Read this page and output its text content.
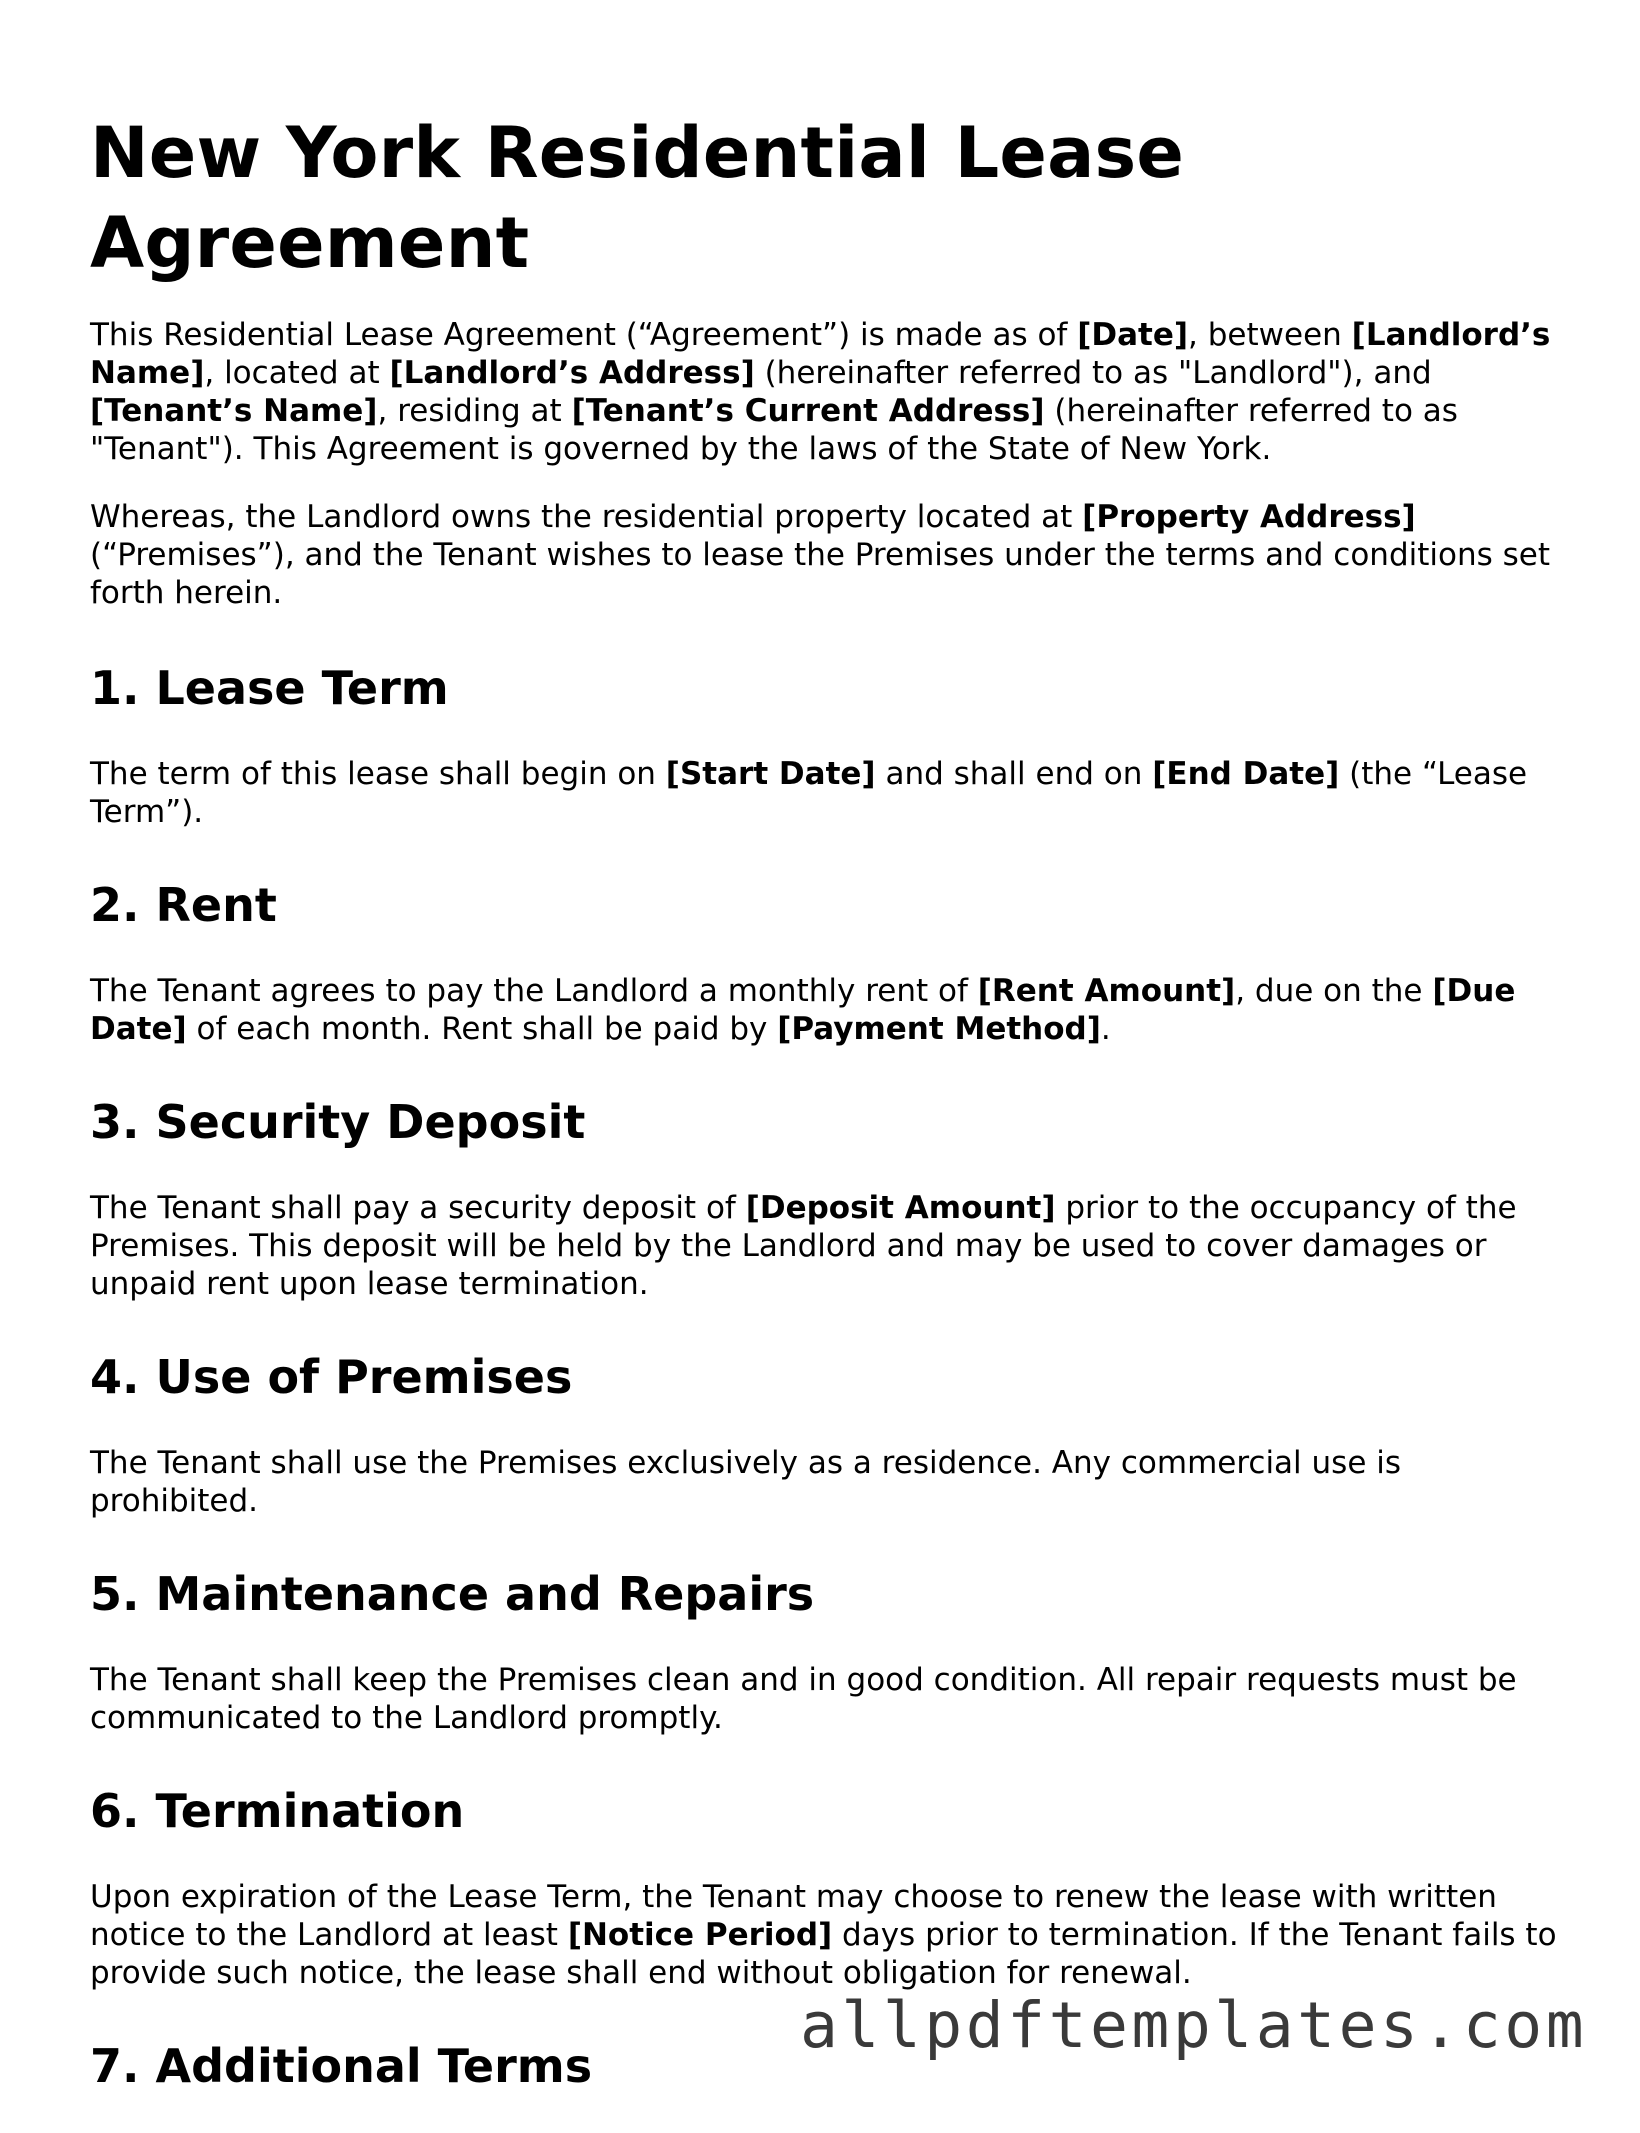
New York Residential Lease Agreement

This Residential Lease Agreement (“Agreement”) is made as of [Date], between [Landlord’s Name], located at [Landlord’s Address] (hereinafter referred to as "Landlord"), and [Tenant’s Name], residing at [Tenant’s Current Address] (hereinafter referred to as "Tenant"). This Agreement is governed by the laws of the State of New York.

Whereas, the Landlord owns the residential property located at [Property Address] (“Premises”), and the Tenant wishes to lease the Premises under the terms and conditions set forth herein.

1. Lease Term

The term of this lease shall begin on [Start Date] and shall end on [End Date] (the “Lease Term”).

2. Rent

The Tenant agrees to pay the Landlord a monthly rent of [Rent Amount], due on the [Due Date] of each month. Rent shall be paid by [Payment Method].

3. Security Deposit

The Tenant shall pay a security deposit of [Deposit Amount] prior to the occupancy of the Premises. This deposit will be held by the Landlord and may be used to cover damages or unpaid rent upon lease termination.

4. Use of Premises

The Tenant shall use the Premises exclusively as a residence. Any commercial use is prohibited.

5. Maintenance and Repairs

The Tenant shall keep the Premises clean and in good condition. All repair requests must be communicated to the Landlord promptly.

6. Termination

Upon expiration of the Lease Term, the Tenant may choose to renew the lease with written notice to the Landlord at least [Notice Period] days prior to termination. If the Tenant fails to provide such notice, the lease shall end without obligation for renewal.

7. Additional Terms
allpdftemplates.com
